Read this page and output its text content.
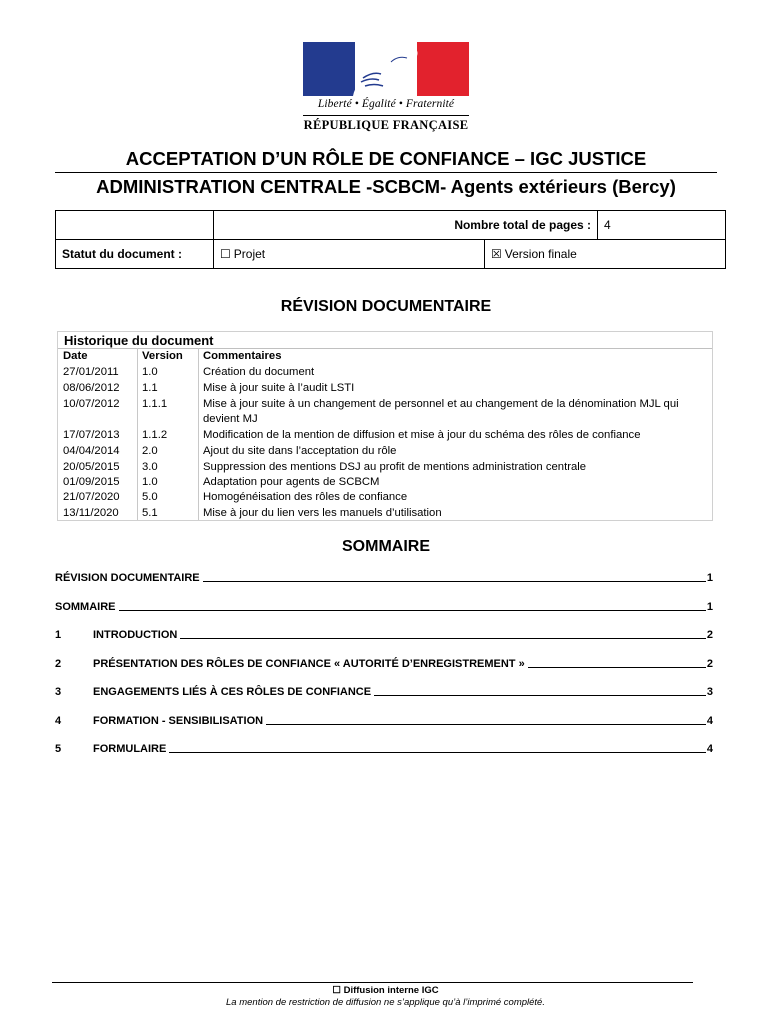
Liberté • Égalité • Fraternité
RÉPUBLIQUE FRANÇAISE
ACCEPTATION D’UN RÔLE DE CONFIANCE – IGC JUSTICE
ADMINISTRATION CENTRALE -SCBCM- Agents extérieurs (Bercy)
	Nombre total de pages :		4
Statut du document :	☐ Projet	☒ Version finale	
RÉVISION DOCUMENTAIRE
Historique du document
Date	Version Commentaires
27/01/2011 1.0	Création du document
08/06/2012 1.1	Mise à jour suite à l’audit LSTI
10/07/2012 1.1.1	Mise à jour suite à un changement de personnel et au changement de la dénomination MJL qui devient MJ
17/07/2013 1.1.2	Modification de la mention de diffusion et mise à jour du schéma des rôles de confiance
04/04/2014 2.0	Ajout du site dans l’acceptation du rôle
20/05/2015 3.0	Suppression des mentions DSJ au profit de mentions administration centrale
01/09/2015 1.0	Adaptation pour agents de SCBCM
21/07/2020 5.0	Homogénéisation des rôles de confiance
13/11/2020 5.1	Mise à jour du lien vers les manuels d’utilisation
SOMMAIRE
RÉVISION DOCUMENTAIRE	1
SOMMAIRE	1
1	INTRODUCTION	2
2	PRÉSENTATION DES RÔLES DE CONFIANCE « AUTORITÉ D’ENREGISTREMENT »	2
3	ENGAGEMENTS LIÉS À CES RÔLES DE CONFIANCE	3
4	FORMATION - SENSIBILISATION	4
5	FORMULAIRE	4
☐ Diffusion interne IGC
La mention de restriction de diffusion ne s’applique qu’à l’imprimé complété.
